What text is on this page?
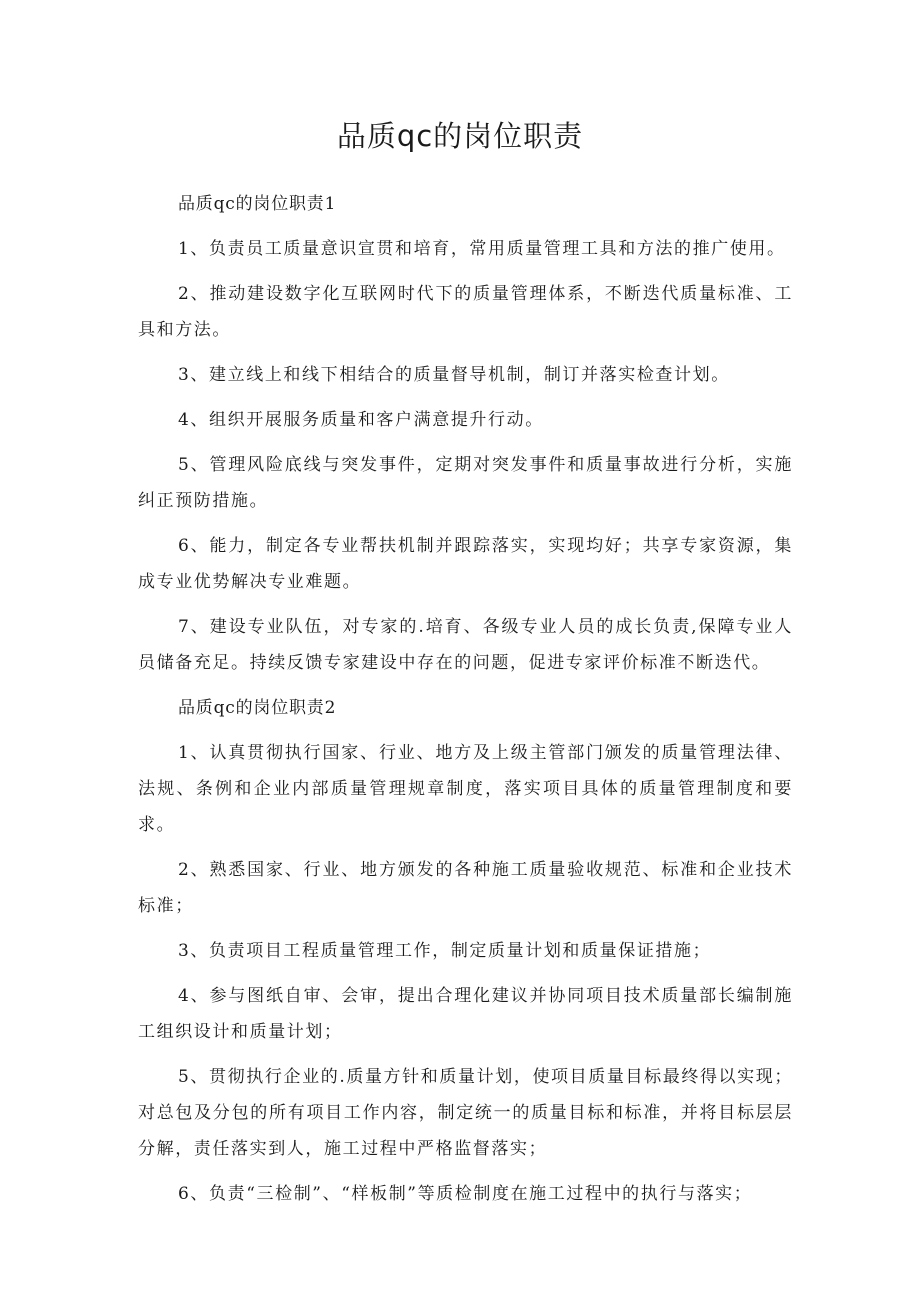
品质qc的岗位职责

品质qc的岗位职责1

1、负责员工质量意识宣贯和培育，常用质量管理工具和方法的推广使用。

2、推动建设数字化互联网时代下的质量管理体系，不断迭代质量标准、工具和方法。

3、建立线上和线下相结合的质量督导机制，制订并落实检查计划。

4、组织开展服务质量和客户满意提升行动。

5、管理风险底线与突发事件，定期对突发事件和质量事故进行分析，实施纠正预防措施。

6、能力，制定各专业帮扶机制并跟踪落实，实现均好；共享专家资源，集成专业优势解决专业难题。

7、建设专业队伍，对专家的.培育、各级专业人员的成长负责,保障专业人员储备充足。持续反馈专家建设中存在的问题，促进专家评价标准不断迭代。

品质qc的岗位职责2

1、认真贯彻执行国家、行业、地方及上级主管部门颁发的质量管理法律、法规、条例和企业内部质量管理规章制度，落实项目具体的质量管理制度和要求。

2、熟悉国家、行业、地方颁发的各种施工质量验收规范、标准和企业技术标准；

3、负责项目工程质量管理工作，制定质量计划和质量保证措施；

4、参与图纸自审、会审，提出合理化建议并协同项目技术质量部长编制施工组织设计和质量计划；

5、贯彻执行企业的.质量方针和质量计划，使项目质量目标最终得以实现；对总包及分包的所有项目工作内容，制定统一的质量目标和标准，并将目标层层分解，责任落实到人，施工过程中严格监督落实；

6、负责“三检制”、“样板制”等质检制度在施工过程中的执行与落实；
